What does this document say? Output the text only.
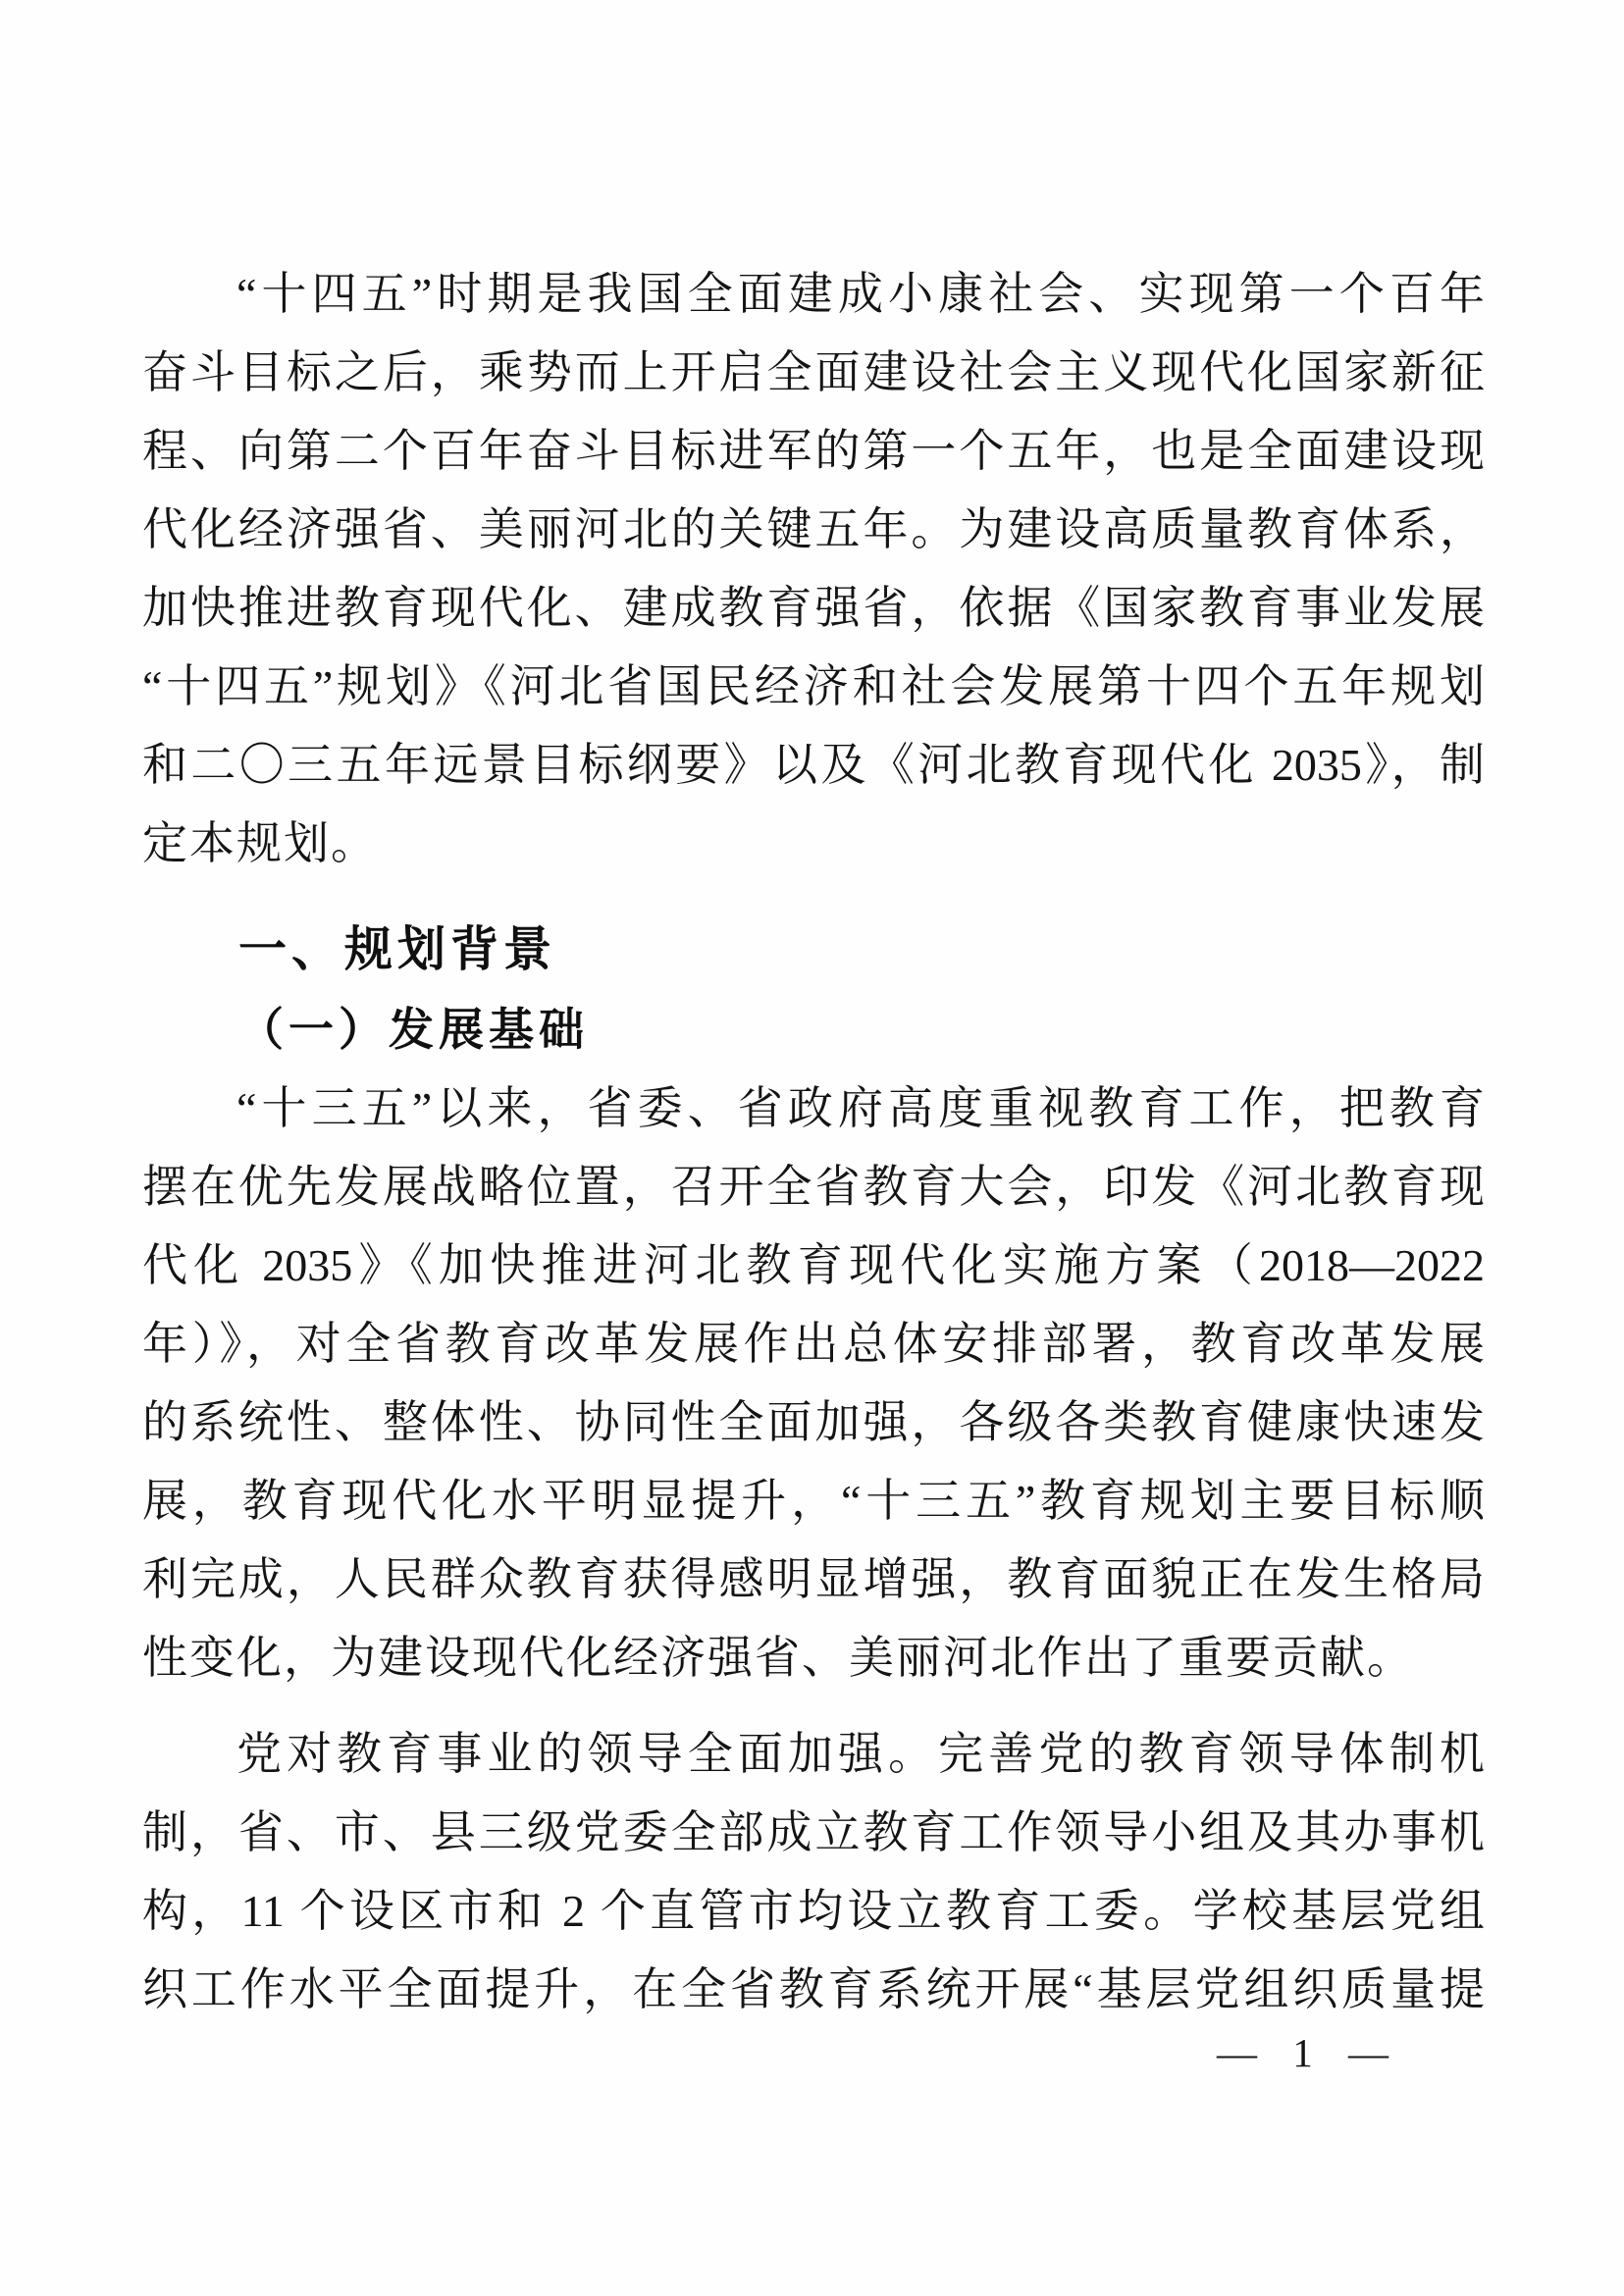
“十四五”时期是我国全面建成小康社会、实现第一个百年
奋斗目标之后，乘势而上开启全面建设社会主义现代化国家新征
程、向第二个百年奋斗目标进军的第一个五年，也是全面建设现
代化经济强省、美丽河北的关键五年。为建设高质量教育体系，
加快推进教育现代化、建成教育强省，依据《国家教育事业发展
“十四五”规划》《河北省国民经济和社会发展第十四个五年规划
和二〇三五年远景目标纲要》以及《河北教育现代化 2035》，制
定本规划。
一、规划背景
（一）发展基础
“十三五”以来，省委、省政府高度重视教育工作，把教育
摆在优先发展战略位置，召开全省教育大会，印发《河北教育现
代化 2035》《加快推进河北教育现代化实施方案（2018—2022
年）》，对全省教育改革发展作出总体安排部署，教育改革发展
的系统性、整体性、协同性全面加强，各级各类教育健康快速发
展，教育现代化水平明显提升，“十三五”教育规划主要目标顺
利完成，人民群众教育获得感明显增强，教育面貌正在发生格局
性变化，为建设现代化经济强省、美丽河北作出了重要贡献。
党对教育事业的领导全面加强。完善党的教育领导体制机
制，省、市、县三级党委全部成立教育工作领导小组及其办事机
构，11 个设区市和 2 个直管市均设立教育工委。学校基层党组
织工作水平全面提升，在全省教育系统开展“基层党组织质量提
— 1 —
